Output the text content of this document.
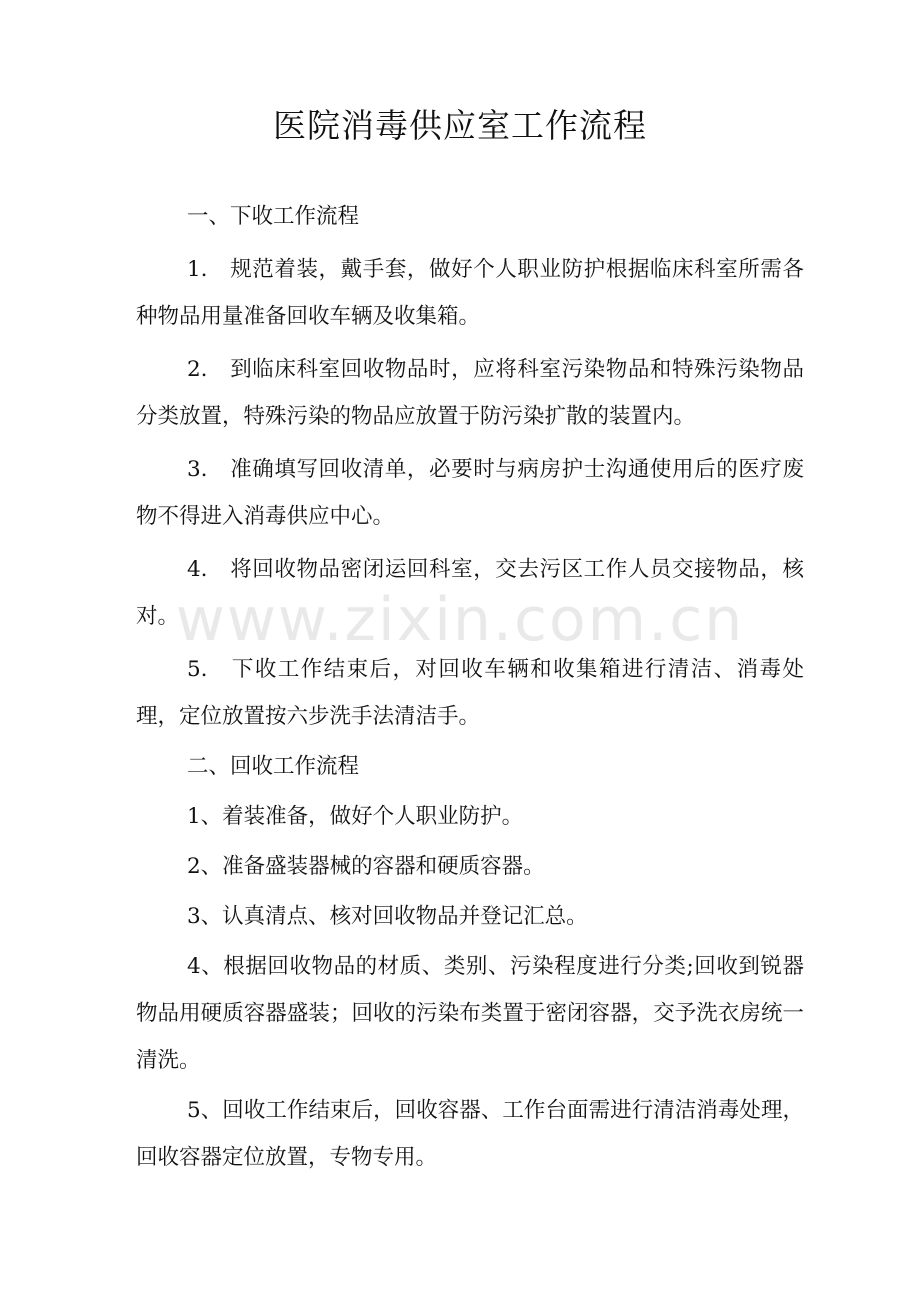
www.zixin.com.cn
医院消毒供应室工作流程

一、下收工作流程

1.　规范着装，戴手套，做好个人职业防护根据临床科室所需各种物品用量准备回收车辆及收集箱。

2.　到临床科室回收物品时，应将科室污染物品和特殊污染物品分类放置，特殊污染的物品应放置于防污染扩散的装置内。

3.　准确填写回收清单，必要时与病房护士沟通使用后的医疗废物不得进入消毒供应中心。

4.　将回收物品密闭运回科室，交去污区工作人员交接物品，核对。

5.　下收工作结束后，对回收车辆和收集箱进行清洁、消毒处理，定位放置按六步洗手法清洁手。

二、回收工作流程

1、着装准备，做好个人职业防护。

2、准备盛装器械的容器和硬质容器。

3、认真清点、核对回收物品并登记汇总。

4、根据回收物品的材质、类别、污染程度进行分类;回收到锐器物品用硬质容器盛装；回收的污染布类置于密闭容器，交予洗衣房统一清洗。

5、回收工作结束后，回收容器、工作台面需进行清洁消毒处理，回收容器定位放置，专物专用。
